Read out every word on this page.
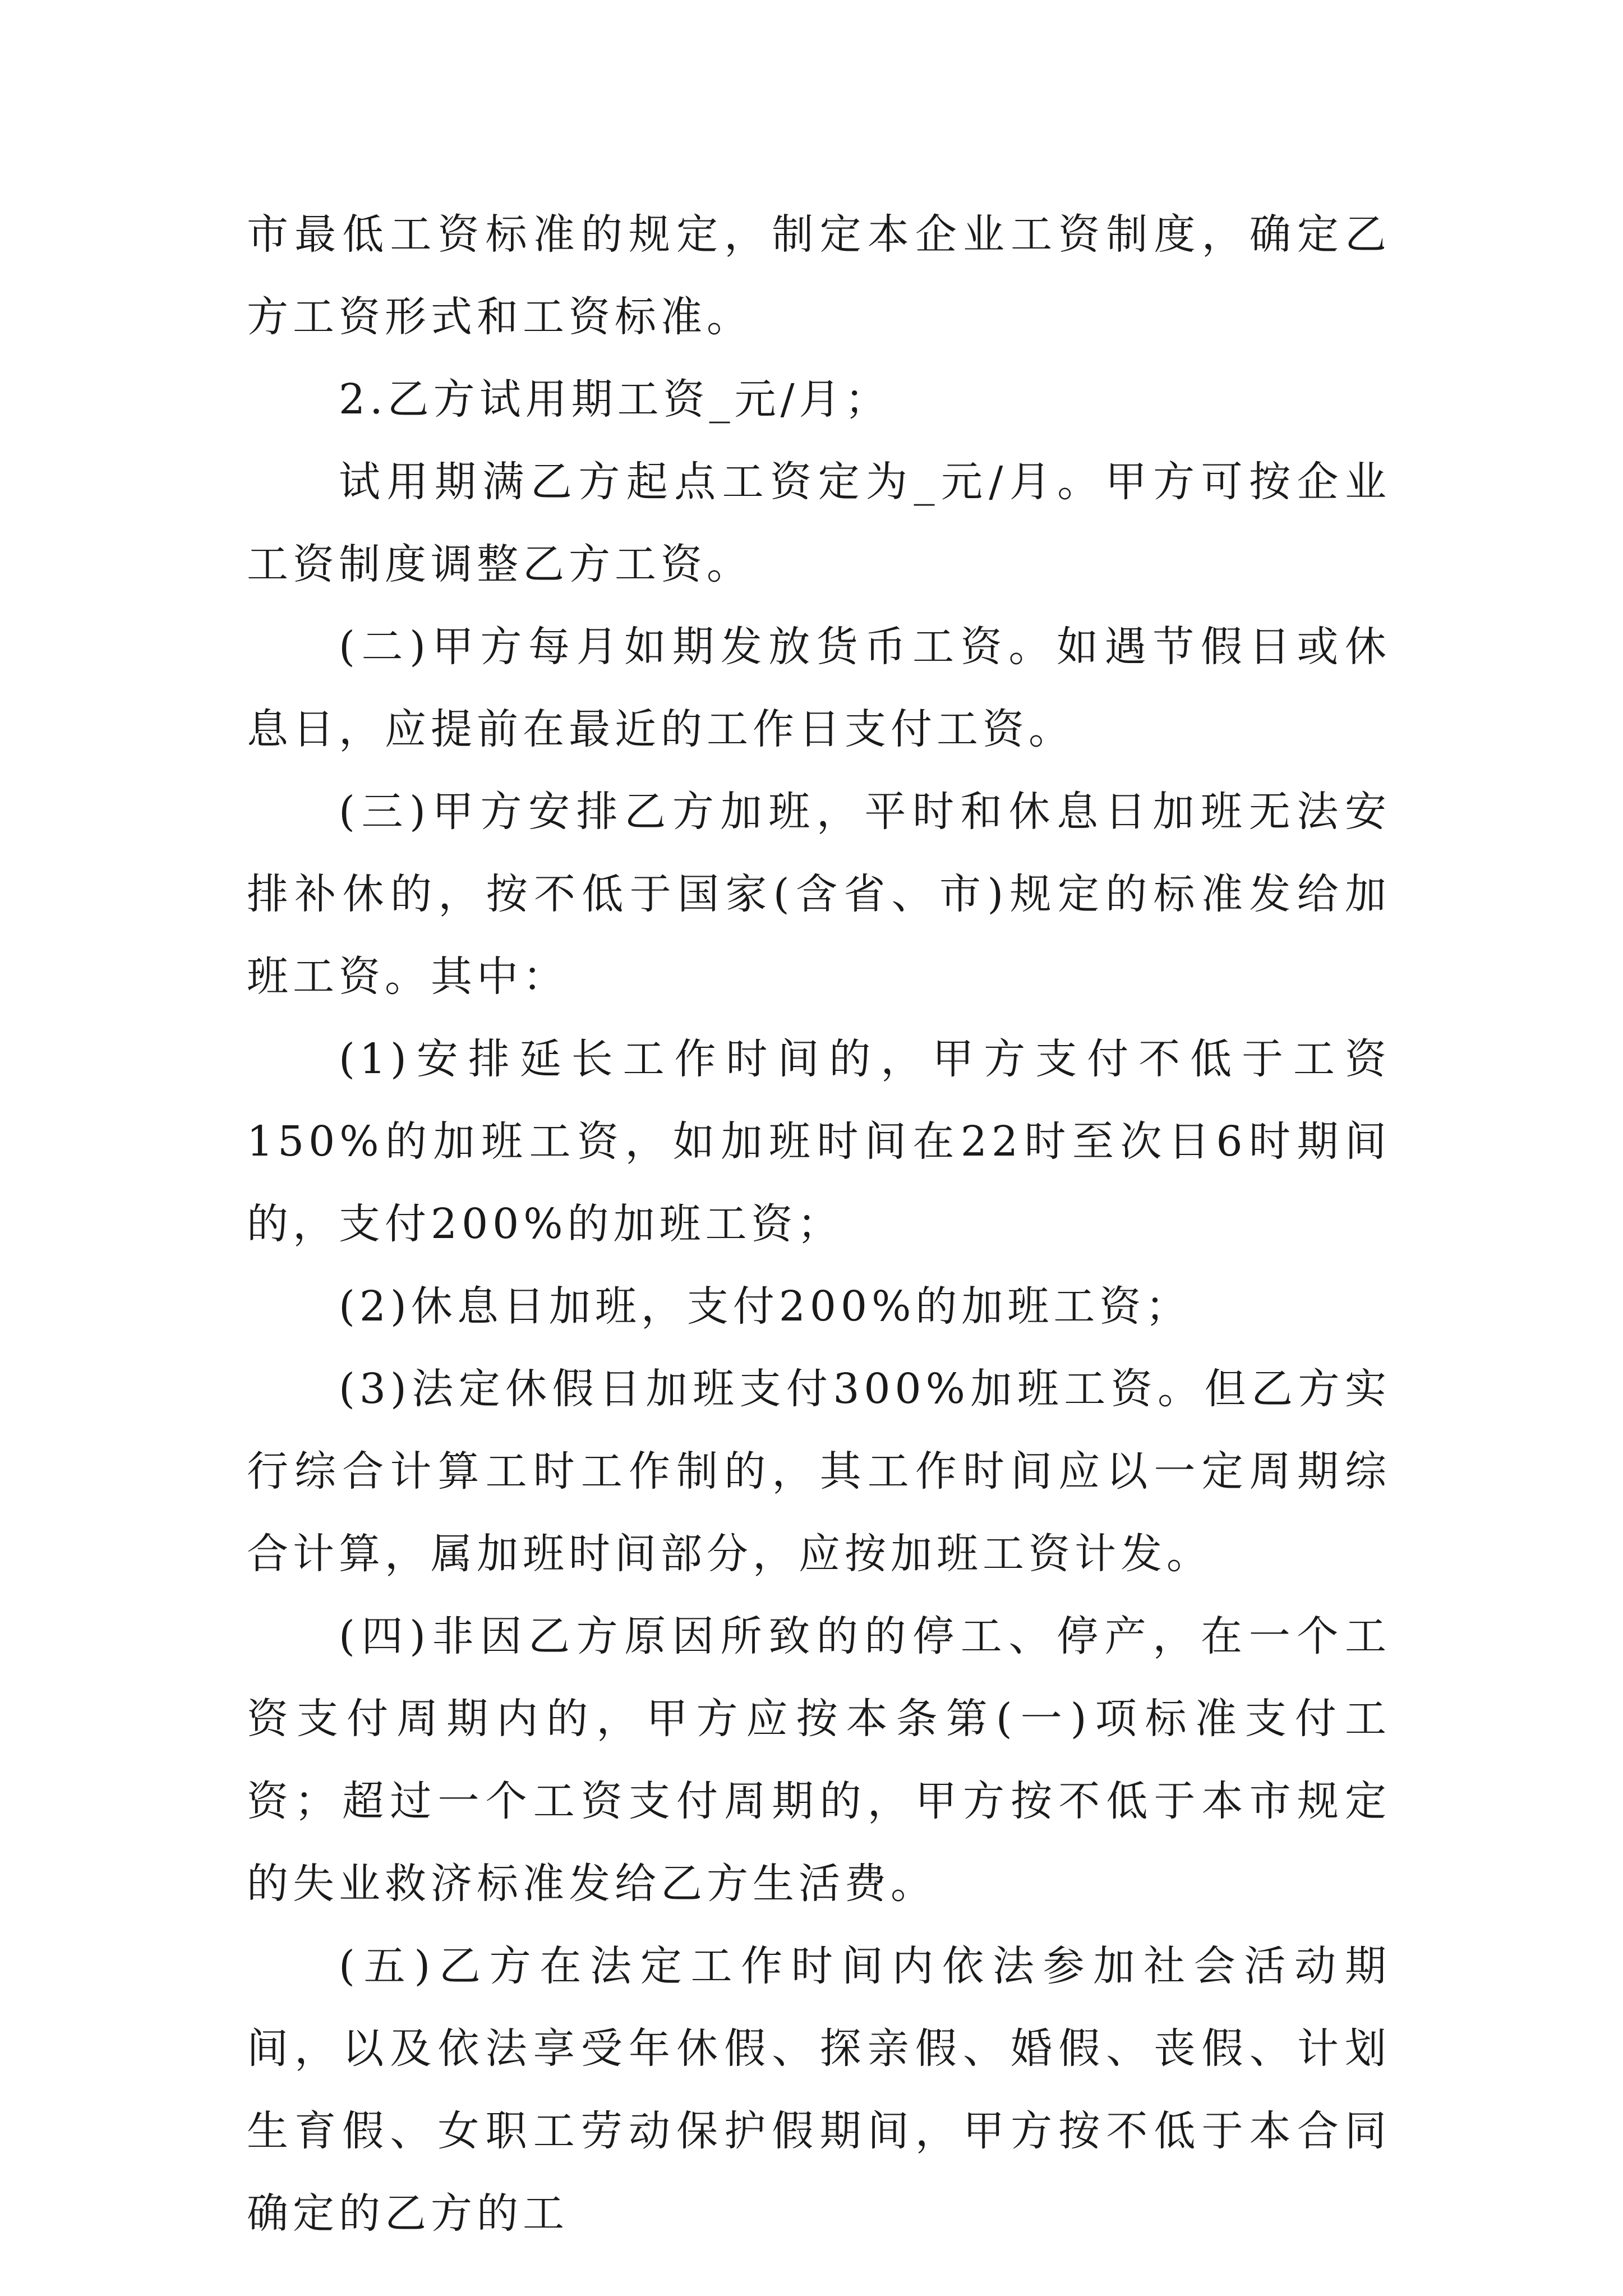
市最低工资标准的规定，制定本企业工资制度，确定乙方工资形式和工资标准。

2.乙方试用期工资_元/月；

试用期满乙方起点工资定为_元/月。甲方可按企业工资制度调整乙方工资。

(二)甲方每月如期发放货币工资。如遇节假日或休息日，应提前在最近的工作日支付工资。

(三)甲方安排乙方加班，平时和休息日加班无法安排补休的，按不低于国家(含省、市)规定的标准发给加班工资。其中：

(1)安排延长工作时间的，甲方支付不低于工资150%的加班工资，如加班时间在22时至次日6时期间的，支付200%的加班工资；

(2)休息日加班，支付200%的加班工资；

(3)法定休假日加班支付300%加班工资。但乙方实行综合计算工时工作制的，其工作时间应以一定周期综合计算，属加班时间部分，应按加班工资计发。

(四)非因乙方原因所致的的停工、停产，在一个工资支付周期内的，甲方应按本条第(一)项标准支付工资；超过一个工资支付周期的，甲方按不低于本市规定的失业救济标准发给乙方生活费。

(五)乙方在法定工作时间内依法参加社会活动期间，以及依法享受年休假、探亲假、婚假、丧假、计划生育假、女职工劳动保护假期间，甲方按不低于本合同确定的乙方的工
